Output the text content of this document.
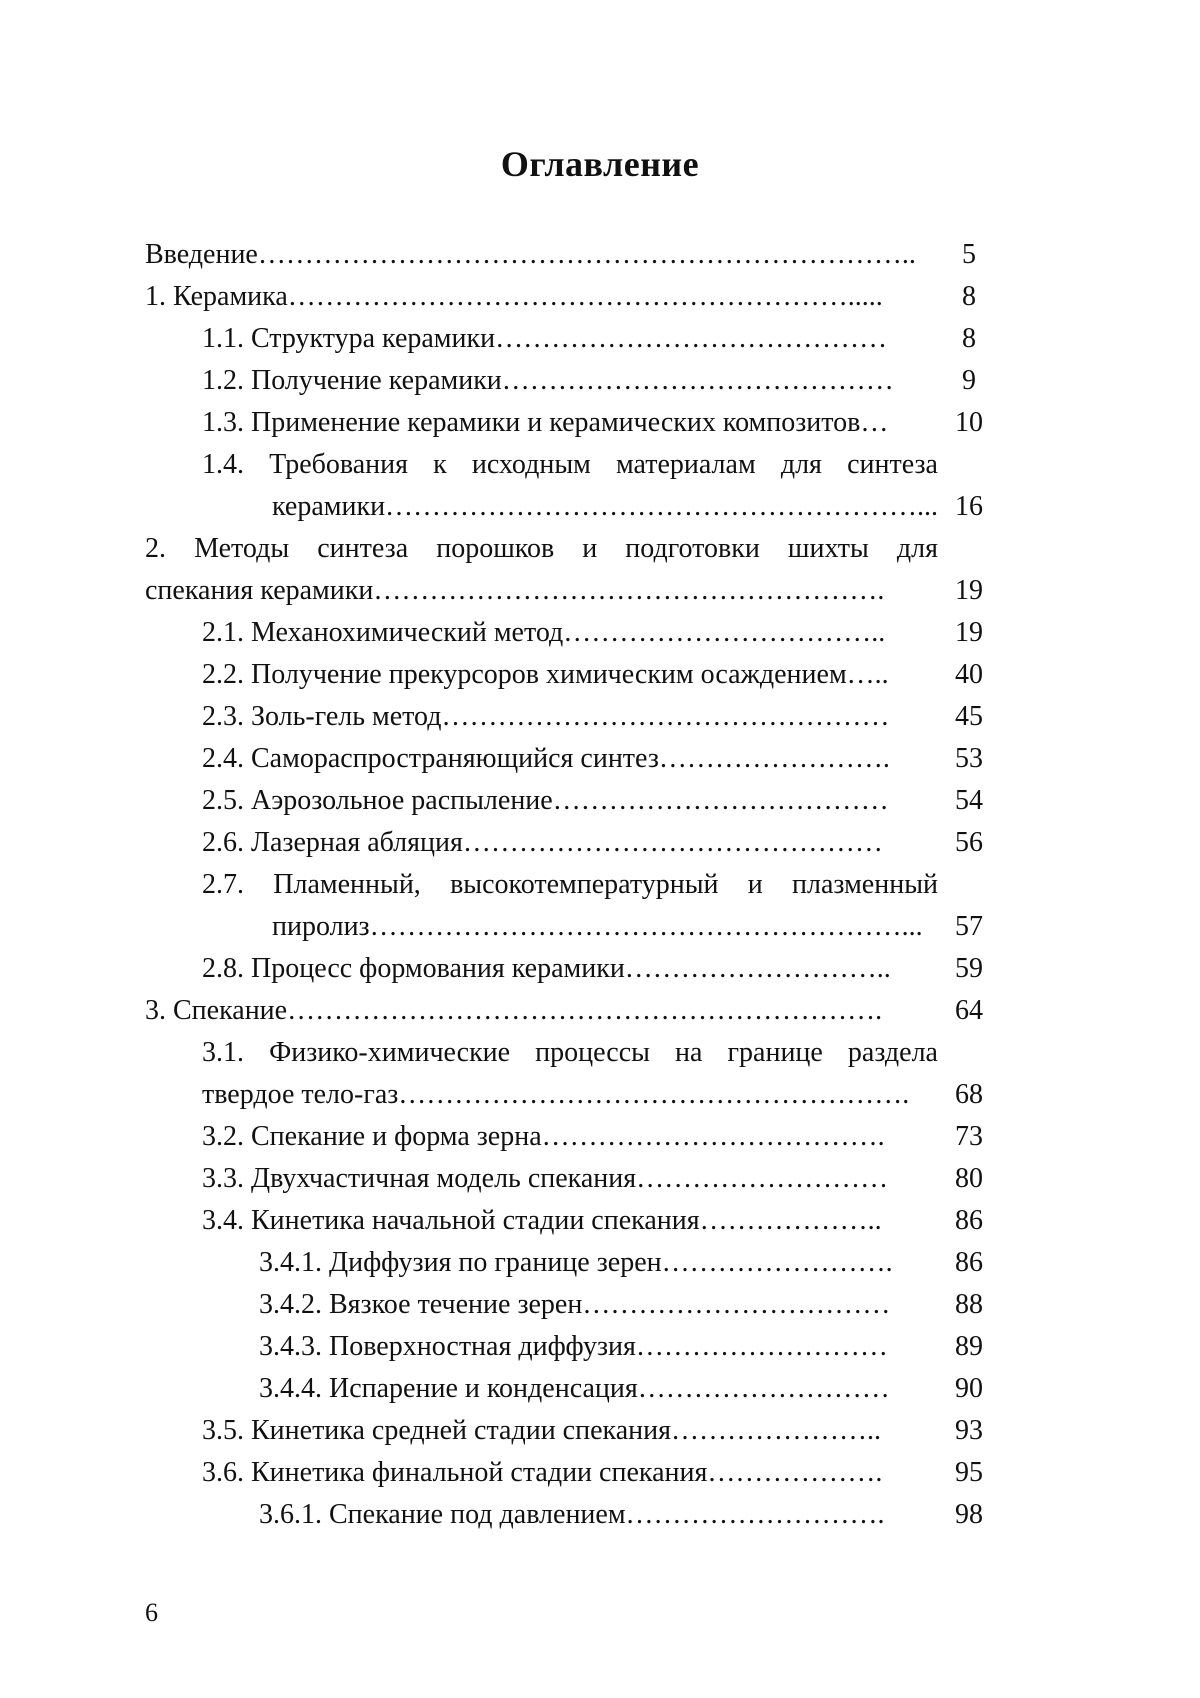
Оглавление
Введение……………………………………………………………..	5
1. Керамика…………………………………………………….....	8
1.1. Структура керамики……………………………………	8
1.2. Получение керамики……………………………………	9
1.3. Применение керамики и керамических композитов…	10
1.4. Требования к исходным материалам для синтеза
керамики…………………………………………………......
16
2. Методы синтеза порошков и подготовки шихты для
спекания керамики……………………………………………….	19
2.1. Механохимический метод……………………………..	19
2.2. Получение прекурсоров химическим осаждением…..	40
2.3. Золь-гель метод…………………………………………	45
2.4. Самораспространяющийся синтез…………………….	53
2.5. Аэрозольное распыление………………………………	54
2.6. Лазерная абляция………………………………………	56
2.7. Пламенный, высокотемпературный и плазменный
пиролиз…………………………………………………...	57
2.8. Процесс формования керамики………………………..	59
3. Спекание……………………………………………………….	64
3.1. Физико-химические процессы на границе раздела
твердое тело-газ……………………………………………….	68
3.2. Спекание и форма зерна……………………………….	73
3.3. Двухчастичная модель спекания………………………	80
3.4. Кинетика начальной стадии спекания………………..	86
3.4.1. Диффузия по границе зерен…………………….	86
3.4.2. Вязкое течение зерен……………………………	88
3.4.3. Поверхностная диффузия………………………	89
3.4.4. Испарение и конденсация………………………	90
3.5. Кинетика средней стадии спекания…………………..	93
3.6. Кинетика финальной стадии спекания……………….	95
3.6.1. Спекание под давлением……………………….	98
6
